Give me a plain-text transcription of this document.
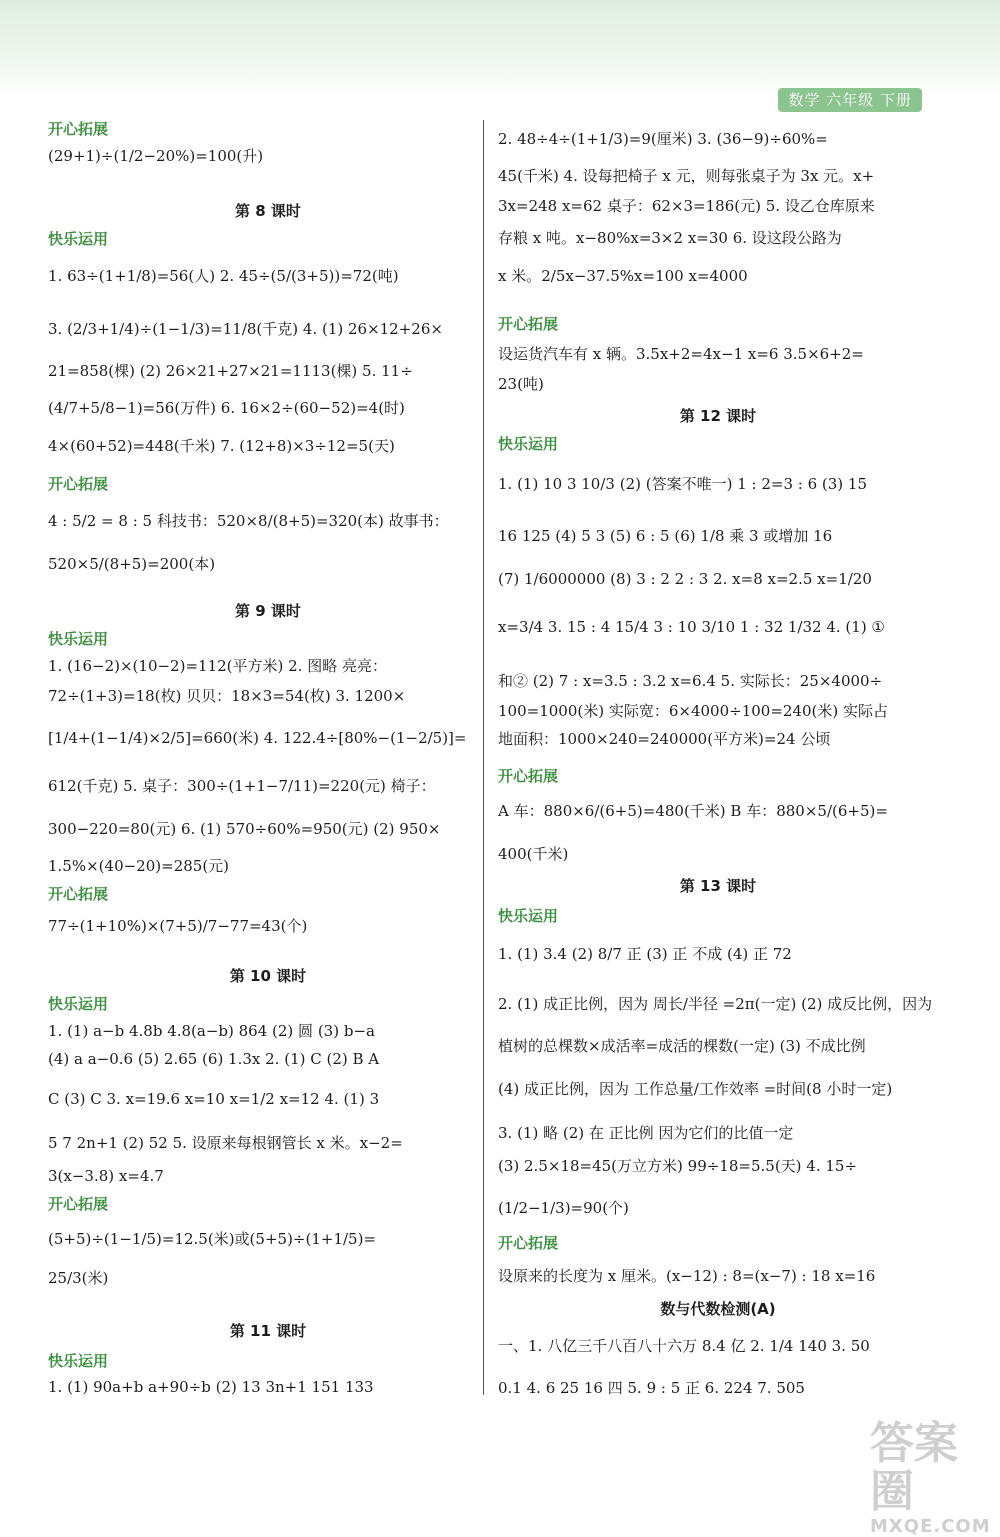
数学 六年级 下册
开心拓展
(29+1)÷(1/2−20%)=100(升)
第 8 课时
快乐运用
1. 63÷(1+1/8)=56(人) 2. 45÷(5/(3+5))=72(吨)
3. (2/3+1/4)÷(1−1/3)=11/8(千克) 4. (1) 26×12+26×
21=858(棵) (2) 26×21+27×21=1113(棵) 5. 11÷
(4/7+5/8−1)=56(万件) 6. 16×2÷(60−52)=4(时)
4×(60+52)=448(千米) 7. (12+8)×3÷12=5(天)
开心拓展
4 : 5/2 = 8 : 5 科技书：520×8/(8+5)=320(本) 故事书：
520×5/(8+5)=200(本)
第 9 课时
快乐运用
1. (16−2)×(10−2)=112(平方米) 2. 图略 亮亮：
72÷(1+3)=18(枚) 贝贝：18×3=54(枚) 3. 1200×
[1/4+(1−1/4)×2/5]=660(米) 4. 122.4÷[80%−(1−2/5)]=
612(千克) 5. 桌子：300÷(1+1−7/11)=220(元) 椅子：
300−220=80(元) 6. (1) 570÷60%=950(元) (2) 950×
1.5%×(40−20)=285(元)
开心拓展
77÷(1+10%)×(7+5)/7−77=43(个)
第 10 课时
快乐运用
1. (1) a−b 4.8b 4.8(a−b) 864 (2) 圆 (3) b−a
(4) a a−0.6 (5) 2.65 (6) 1.3x 2. (1) C (2) B A
C (3) C 3. x=19.6 x=10 x=1/2 x=12 4. (1) 3
5 7 2n+1 (2) 52 5. 设原来每根钢管长 x 米。x−2=
3(x−3.8) x=4.7
开心拓展
(5+5)÷(1−1/5)=12.5(米)或(5+5)÷(1+1/5)=
25/3(米)
第 11 课时
快乐运用
1. (1) 90a+b a+90÷b (2) 13 3n+1 151 133
2. 48÷4÷(1+1/3)=9(厘米) 3. (36−9)÷60%=
45(千米) 4. 设每把椅子 x 元，则每张桌子为 3x 元。x+
3x=248 x=62 桌子：62×3=186(元) 5. 设乙仓库原来
存粮 x 吨。x−80%x=3×2 x=30 6. 设这段公路为
x 米。2/5x−37.5%x=100 x=4000
开心拓展
设运货汽车有 x 辆。3.5x+2=4x−1 x=6 3.5×6+2=
23(吨)
第 12 课时
快乐运用
1. (1) 10 3 10/3 (2) (答案不唯一) 1 : 2=3 : 6 (3) 15
16 125 (4) 5 3 (5) 6 : 5 (6) 1/8 乘 3 或增加 16
(7) 1/6000000 (8) 3 : 2 2 : 3 2. x=8 x=2.5 x=1/20
x=3/4 3. 15 : 4 15/4 3 : 10 3/10 1 : 32 1/32 4. (1) ①
和② (2) 7 : x=3.5 : 3.2 x=6.4 5. 实际长：25×4000÷
100=1000(米) 实际宽：6×4000÷100=240(米) 实际占
地面积：1000×240=240000(平方米)=24 公顷
开心拓展
A 车：880×6/(6+5)=480(千米) B 车：880×5/(6+5)=
400(千米)
第 13 课时
快乐运用
1. (1) 3.4 (2) 8/7 正 (3) 正 不成 (4) 正 72
2. (1) 成正比例，因为 周长/半径 =2π(一定) (2) 成反比例，因为
植树的总棵数×成活率=成活的棵数(一定) (3) 不成比例
(4) 成正比例，因为 工作总量/工作效率 =时间(8 小时一定)
3. (1) 略 (2) 在 正比例 因为它们的比值一定
(3) 2.5×18=45(万立方米) 99÷18=5.5(天) 4. 15÷
(1/2−1/3)=90(个)
开心拓展
设原来的长度为 x 厘米。(x−12) : 8=(x−7) : 18 x=16
数与代数检测(A)
一、1. 八亿三千八百八十六万 8.4 亿 2. 1/4 140 3. 50
0.1 4. 6 25 16 四 5. 9 : 5 正 6. 224 7. 505
答案圈
MXQE.COM
